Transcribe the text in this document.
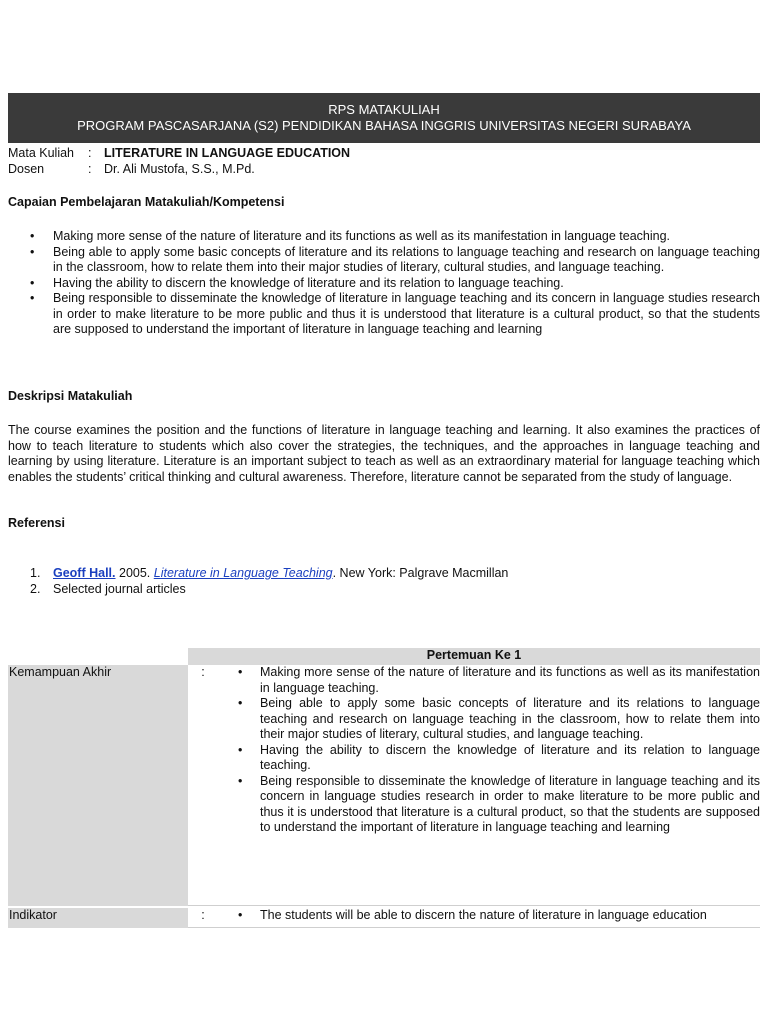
RPS MATAKULIAH
PROGRAM PASCASARJANA (S2) PENDIDIKAN BAHASA INGGRIS UNIVERSITAS NEGERI SURABAYA
Mata Kuliah : LITERATURE IN LANGUAGE EDUCATION
Dosen	: Dr. Ali Mustofa, S.S., M.Pd.
Capaian Pembelajaran Matakuliah/Kompetensi
• Making more sense of the nature of literature and its functions as well as its manifestation in language teaching.
• Being able to apply some basic concepts of literature and its relations to language teaching and research on language teaching in the classroom, how to relate them into their major studies of literary, cultural studies, and language teaching.
• Having the ability to discern the knowledge of literature and its relation to language teaching.
• Being responsible to disseminate the knowledge of literature in language teaching and its concern in language studies research in order to make literature to be more public and thus it is understood that literature is a cultural product, so that the students are supposed to understand the important of literature in language teaching and learning
Deskripsi Matakuliah
The course examines the position and the functions of literature in language teaching and learning. It also examines the practices of how to teach literature to students which also cover the strategies, the techniques, and the approaches in language teaching and learning by using literature. Literature is an important subject to teach as well as an extraordinary material for language teaching which enables the students’ critical thinking and cultural awareness. Therefore, literature cannot be separated from the study of language.
Referensi
1. Geoff Hall. 2005. Literature in Language Teaching. New York: Palgrave Macmillan
2. Selected journal articles
Pertemuan Ke 1
Kemampuan Akhir	:	• Making more sense of the nature of literature and its functions as well as its manifestation in language teaching.
• Being able to apply some basic concepts of literature and its relations to language teaching and research on language teaching in the classroom, how to relate them into their major studies of literary, cultural studies, and language teaching.
• Having the ability to discern the knowledge of literature and its relation to language teaching.
• Being responsible to disseminate the knowledge of literature in language teaching and its concern in language studies research in order to make literature to be more public and thus it is understood that literature is a cultural product, so that the students are supposed to understand the important of literature in language teaching and learning
Indikator	:	• The students will be able to discern the nature of literature in language education
